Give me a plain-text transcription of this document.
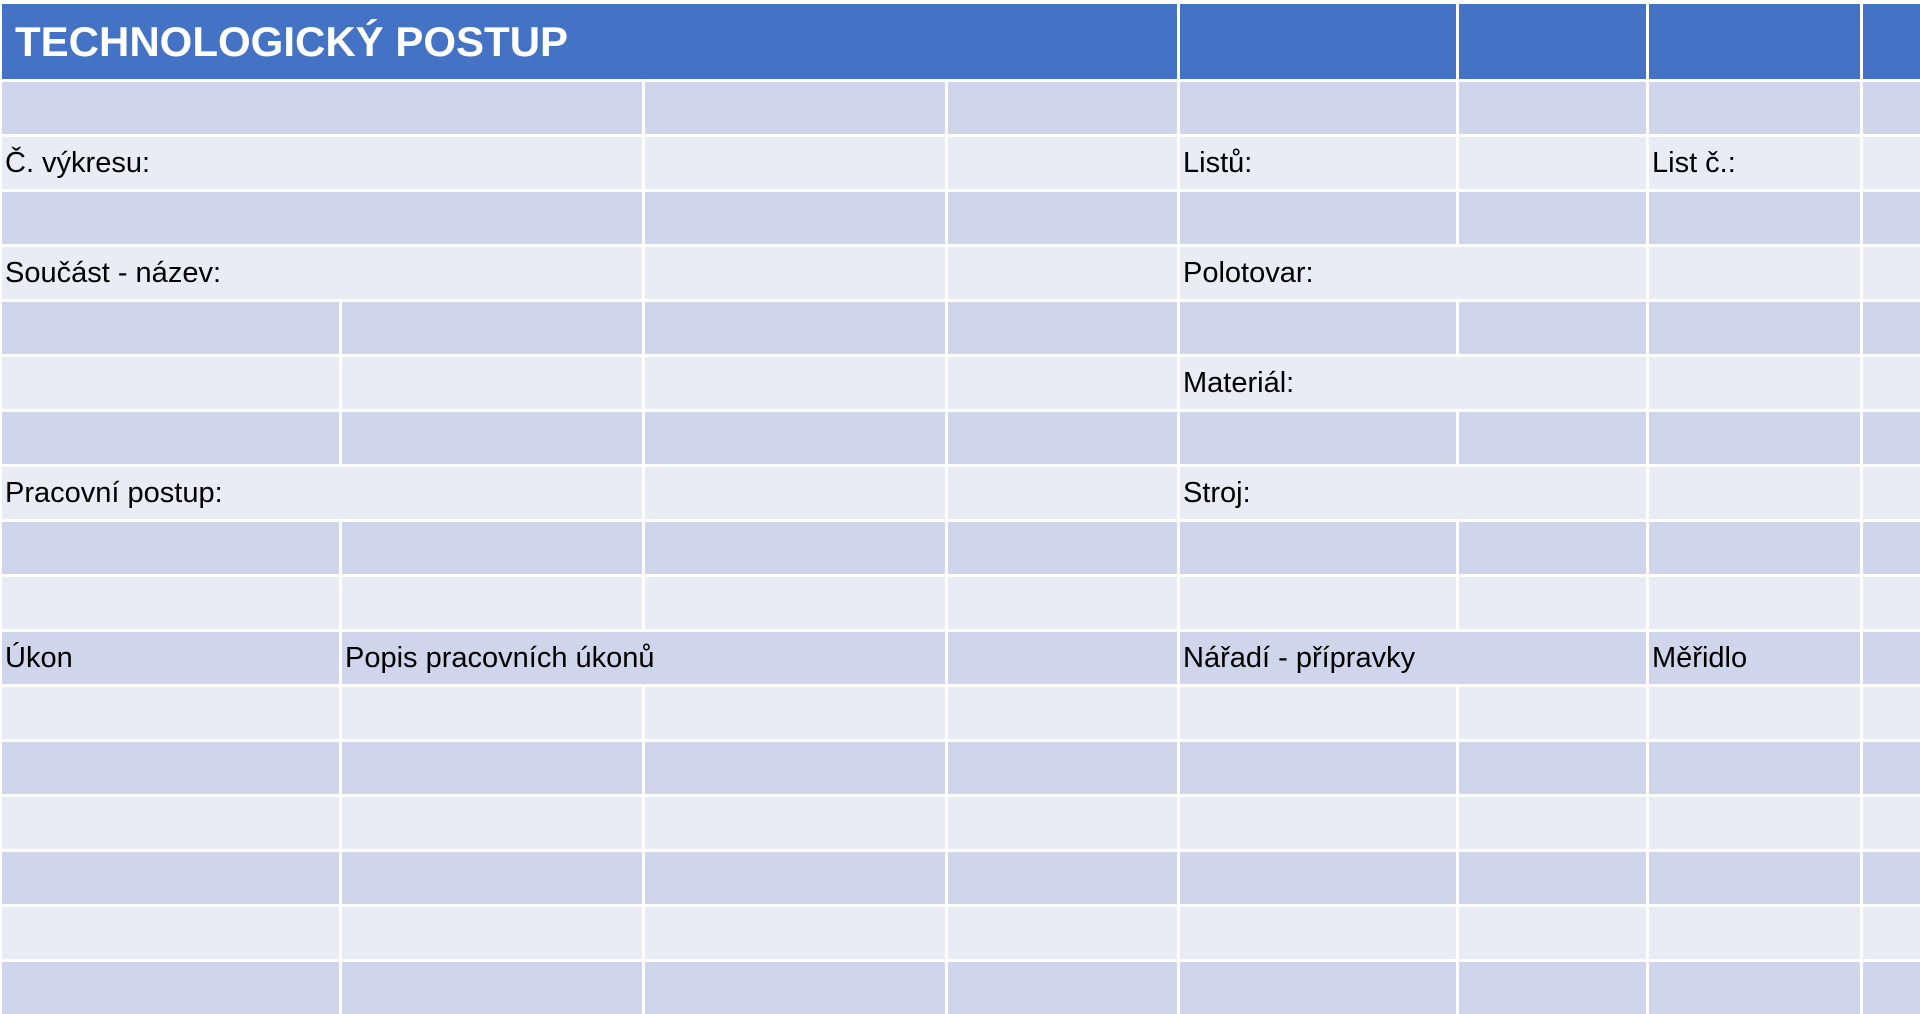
TECHNOLOGICKÝ POSTUP
Č. výkresu:	Listů:	List č.:
Součást - název:	Polotovar:
Materiál:
Pracovní postup:	Stroj:
Úkon	Popis pracovních úkonů	Nářadí - přípravky	Měřidlo
